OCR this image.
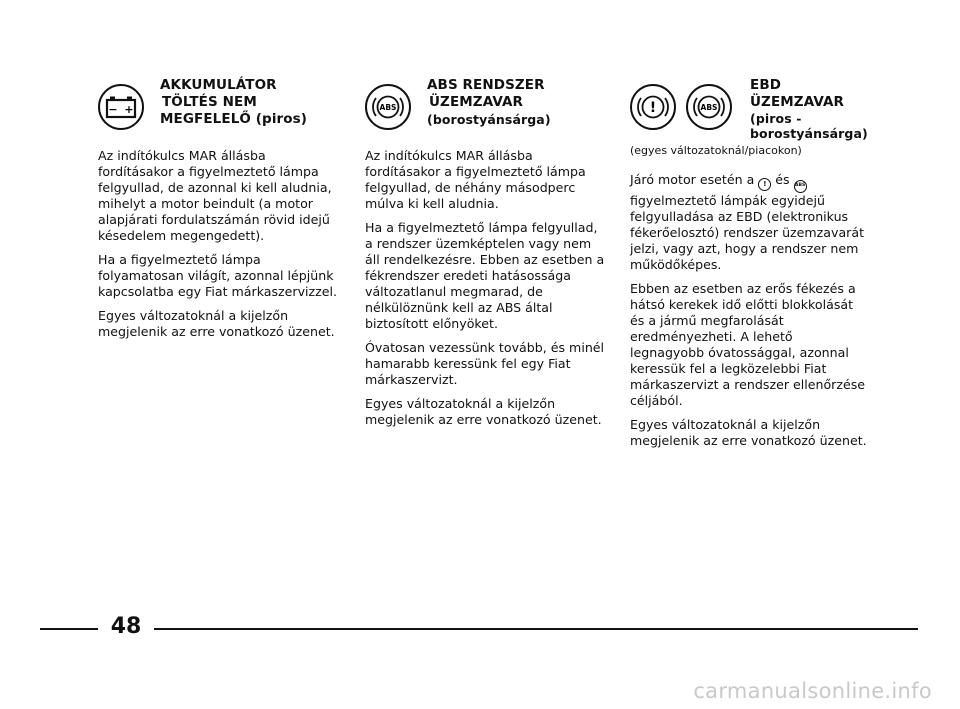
− +
AKKUMULÁTOR
TÖLTÉS NEM
MEGFELELŐ (piros)

Az indítókulcs MAR állásba fordításakor a figyelmeztető lámpa felgyullad, de azonnal ki kell aludnia, mihelyt a motor beindult (a motor alapjárati fordulatszámán rövid idejű késedelem megengedett).

Ha a figyelmeztető lámpa folyamatosan világít, azonnal lépjünk kapcsolatba egy Fiat márkaszervizzel.

Egyes változatoknál a kijelzőn megjelenik az erre vonatkozó üzenet.

ABS
ABS RENDSZER
ÜZEMZAVAR
(borostyánsárga)

Az indítókulcs MAR állásba fordításakor a figyelmeztető lámpa felgyullad, de néhány másodperc múlva ki kell aludnia.

Ha a figyelmeztető lámpa felgyullad, a rendszer üzemképtelen vagy nem áll rendelkezésre. Ebben az esetben a fékrendszer eredeti hatásossága változatlanul megmarad, de nélkülöznünk kell az ABS által biztosított előnyöket.

Óvatosan vezessünk tovább, és minél hamarabb keressünk fel egy Fiat márkaszervizt.

Egyes változatoknál a kijelzőn megjelenik az erre vonatkozó üzenet.

!	ABS
EBD
ÜZEMZAVAR
(piros -
borostyánsárga)
(egyes változatoknál/piacokon)

Járó motor esetén a ! és ABS figyelmeztető lámpák egyidejű felgyulladása az EBD (elektronikus fékerőelosztó) rendszer üzemzavarát jelzi, vagy azt, hogy a rendszer nem működőképes.

Ebben az esetben az erős fékezés a hátsó kerekek idő előtti blokkolását és a jármű megfarolását eredményezheti. A lehető legnagyobb óvatossággal, azonnal keressük fel a legközelebbi Fiat márkaszervizt a rendszer ellenőrzése céljából.

Egyes változatoknál a kijelzőn megjelenik az erre vonatkozó üzenet.

48
carmanualsonline.info
